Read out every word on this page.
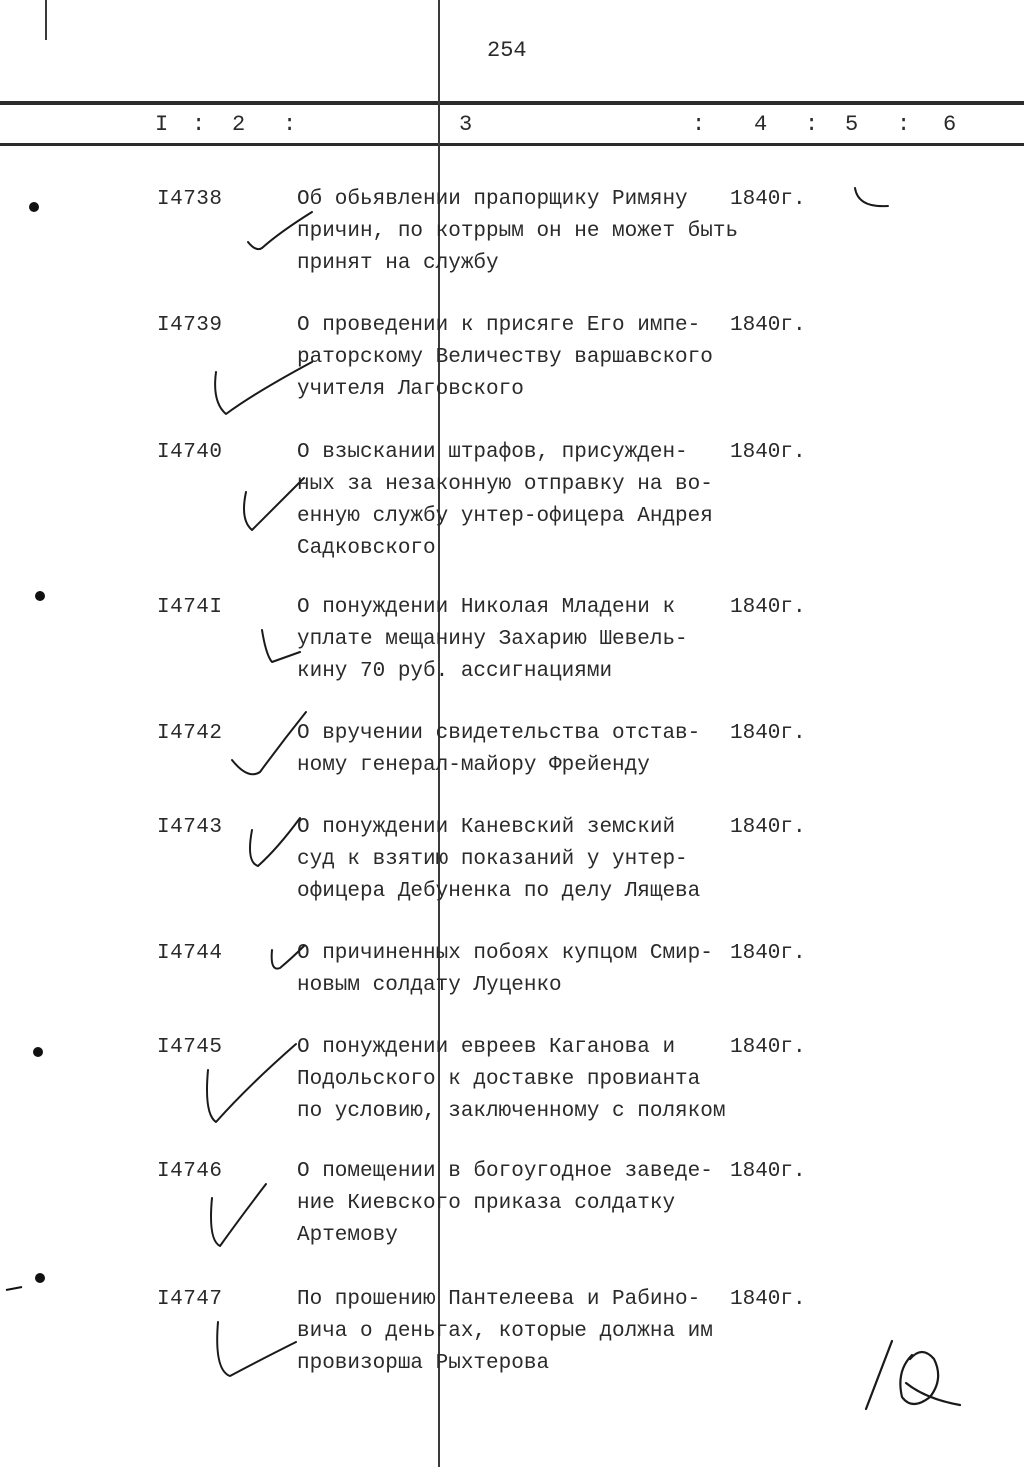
254
I : 2 :	3	: 4 : 5 : 6
I4738	Об обьявлении прапорщику Римяну
причин, по котррым он не может быть
принят на службу
1840г.
I4739	О проведении к присяге Его импе-
раторскому Величеству варшавского
учителя Лаговского
1840г.
I4740	О взыскании штрафов, присужден-
ных за незаконную отправку на во-
енную службу унтер-офицера Андрея
Садковского
1840г.
I474I	О понуждении Николая Младени к
уплате мещанину Захарию Шевель-
кину 70 руб. ассигнациями
1840г.
I4742	О вручении свидетельства отстав-
ному генерал-майору Фрейенду
1840г.
I4743	О понуждении Каневский земский
суд к взятию показаний у унтер-
офицера Дебуненка по делу Лящева
1840г.
I4744	О причиненных побоях купцом Смир-
новым солдату Луценко
1840г.
I4745	О понуждении евреев Каганова и
Подольского к доставке провианта
по условию, заключенному с поляком
1840г.
I4746	О помещении в богоугодное заведе-
ние Киевского приказа солдатку
Артемову
1840г.
I4747	По прошению Пантелеева и Рабино-
вича о деньгах, которые должна им
провизорша Рыхтерова
1840г.
